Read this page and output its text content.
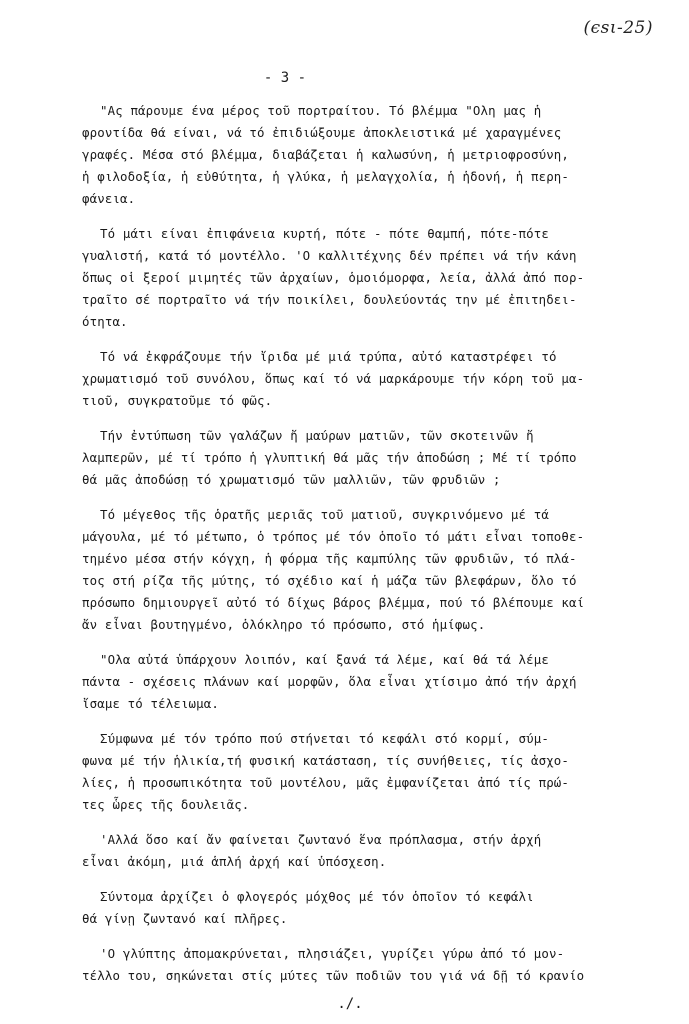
(ϵsι-25)
- 3 -
"Ας πάρουμε ένα μέρος τοῦ πορτραίτου. Τό βλέμμα "Ολη μας ἡ
φροντίδα θά είναι, νά τό ἐπιδιώξουμε ἀποκλειστικά μέ χαραγμένες
γραφές. Μέσα στό βλέμμα, διαβάζεται ἡ καλωσύνη, ἡ μετριοφροσύνη,
ἡ φιλοδοξία, ἡ εὐθύτητα, ἡ γλύκα, ἡ μελαγχολία, ἡ ἡδονή, ἡ περη-
φάνεια.
Τό μάτι είναι ἐπιφάνεια κυρτή, πότε - πότε θαμπή, πότε-πότε
γυαλιστή, κατά τό μοντέλλο. 'Ο καλλιτέχνης δέν πρέπει νά τήν κάνη
ὅπως οἱ ξεροί μιμητές τῶν ἀρχαίων, ὁμοιόμορφα, λεία, ἀλλά ἀπό πορ-
τραῖτο σέ πορτραῖτο νά τήν ποικίλει, δουλεύοντάς την μέ ἐπιτηδει-
ότητα.
Τό νά ἐκφράζουμε τήν ἴριδα μέ μιά τρύπα, αὐτό καταστρέφει τό
χρωματισμό τοῦ συνόλου, ὅπως καί τό νά μαρκάρουμε τήν κόρη τοῦ μα-
τιοῦ, συγκρατοῦμε τό φῶς.
Τήν ἐντύπωση τῶν γαλάζων ἤ μαύρων ματιῶν, τῶν σκοτεινῶν ἤ
λαμπερῶν, μέ τί τρόπο ἡ γλυπτική θά μᾶς τήν ἀποδώση ; Μέ τί τρόπο
θά μᾶς ἀποδώσῃ τό χρωματισμό τῶν μαλλιῶν, τῶν φρυδιῶν ;
Τό μέγεθος τῆς ὁρατῆς μεριᾶς τοῦ ματιοῦ, συγκρινόμενο μέ τά
μάγουλα, μέ τό μέτωπο, ὁ τρόπος μέ τόν ὁποῖο τό μάτι εἶναι τοποθε-
τημένο μέσα στήν κόγχη, ἡ φόρμα τῆς καμπύλης τῶν φρυδιῶν, τό πλά-
τος στή ρίζα τῆς μύτης, τό σχέδιο καί ἡ μάζα τῶν βλεφάρων, ὅλο τό
πρόσωπο δημιουργεῖ αὐτό τό δίχως βάρος βλέμμα, πού τό βλέπουμε καί
ἄν εἶναι βουτηγμένο, ὁλόκληρο τό πρόσωπο, στό ἡμίφως.
"Ολα αὐτά ὑπάρχουν λοιπόν, καί ξανά τά λέμε, καί θά τά λέμε
πάντα - σχέσεις πλάνων καί μορφῶν, ὅλα εἶναι χτίσιμο ἀπό τήν ἀρχή
ἴσαμε τό τέλειωμα.
Σύμφωνα μέ τόν τρόπο πού στήνεται τό κεφάλι στό κορμί, σύμ-
φωνα μέ τήν ἡλικία,τή φυσική κατάσταση, τίς συνήθειες, τίς ἀσχο-
λίες, ἡ προσωπικότητα τοῦ μοντέλου, μᾶς ἐμφανίζεται ἀπό τίς πρώ-
τες ὧρες τῆς δουλειᾶς.
'Αλλά ὅσο καί ἄν φαίνεται ζωντανό ἕνα πρόπλασμα, στήν ἀρχή
εἶναι ἀκόμη, μιά ἁπλή ἀρχή καί ὑπόσχεση.
Σύντομα ἀρχίζει ὁ φλογερός μόχθος μέ τόν ὁποῖον τό κεφάλι
θά γίνῃ ζωντανό καί πλῆρες.
'Ο γλύπτης ἀπομακρύνεται, πλησιάζει, γυρίζει γύρω ἀπό τό μον-
τέλλο του, σηκώνεται στίς μύτες τῶν ποδιῶν του γιά νά δῇ τό κρανίο
./.
